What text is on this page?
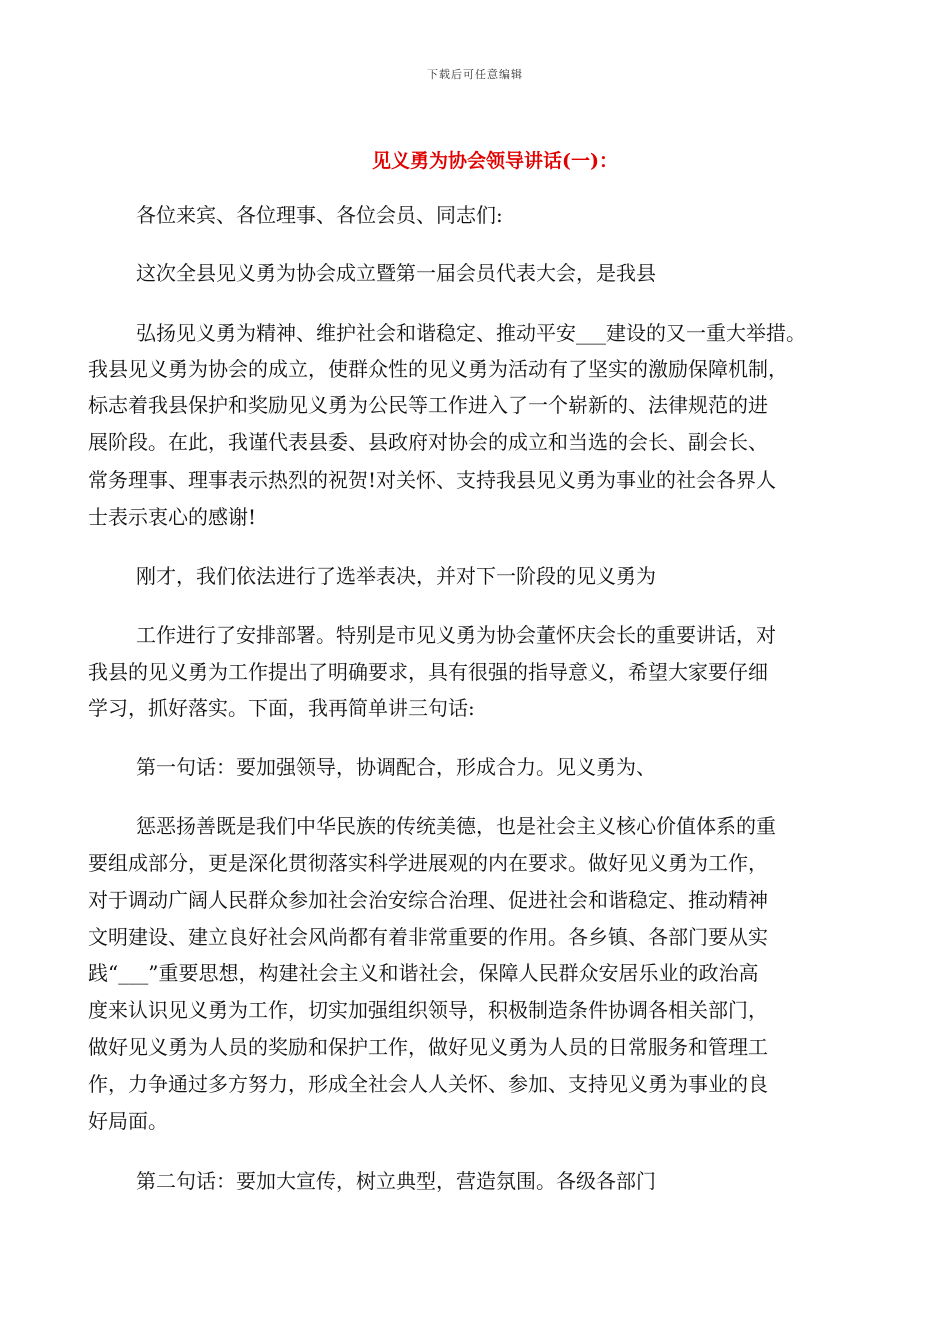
下载后可任意编辑
见义勇为协会领导讲话(一)：

各位来宾、各位理事、各位会员、同志们:

这次全县见义勇为协会成立暨第一届会员代表大会，是我县

弘扬见义勇为精神、维护社会和谐稳定、推动平安___建设的又一重大举措。

我县见义勇为协会的成立，使群众性的见义勇为活动有了坚实的激励保障机制，

标志着我县保护和奖励见义勇为公民等工作进入了一个崭新的、法律规范的进

展阶段。在此，我谨代表县委、县政府对协会的成立和当选的会长、副会长、

常务理事、理事表示热烈的祝贺!对关怀、支持我县见义勇为事业的社会各界人

士表示衷心的感谢!

刚才，我们依法进行了选举表决，并对下一阶段的见义勇为

工作进行了安排部署。特别是市见义勇为协会董怀庆会长的重要讲话，对

我县的见义勇为工作提出了明确要求，具有很强的指导意义，希望大家要仔细

学习，抓好落实。下面，我再简单讲三句话:

第一句话：要加强领导，协调配合，形成合力。见义勇为、

惩恶扬善既是我们中华民族的传统美德，也是社会主义核心价值体系的重

要组成部分，更是深化贯彻落实科学进展观的内在要求。做好见义勇为工作，

对于调动广阔人民群众参加社会治安综合治理、促进社会和谐稳定、推动精神

文明建设、建立良好社会风尚都有着非常重要的作用。各乡镇、各部门要从实

践“___”重要思想，构建社会主义和谐社会，保障人民群众安居乐业的政治高

度来认识见义勇为工作，切实加强组织领导，积极制造条件协调各相关部门，

做好见义勇为人员的奖励和保护工作，做好见义勇为人员的日常服务和管理工

作，力争通过多方努力，形成全社会人人关怀、参加、支持见义勇为事业的良

好局面。

第二句话：要加大宣传，树立典型，营造氛围。各级各部门
